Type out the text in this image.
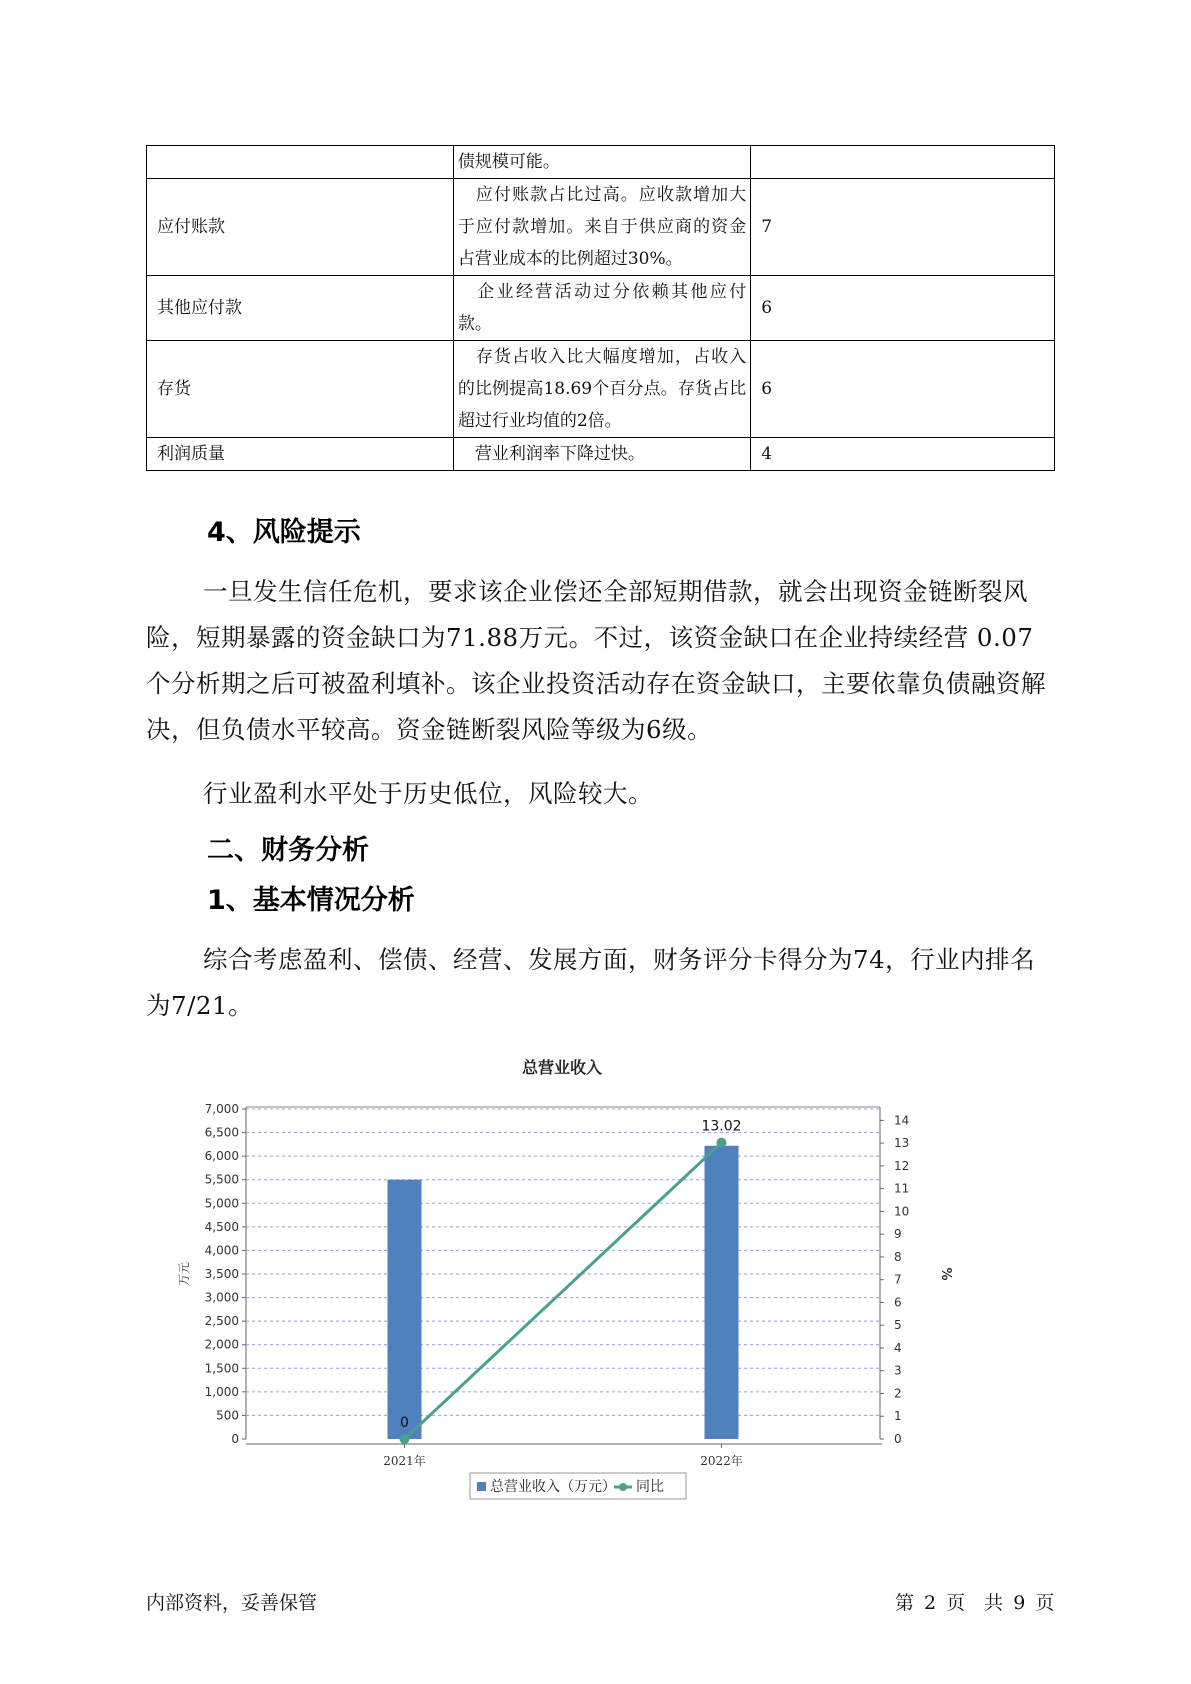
	债规模可能。	
应付账款	　应付账款占比过高。应收款增加大于应付款增加。来自于供应商的资金占营业成本的比例超过30%。	7
其他应付款	　企业经营活动过分依赖其他应付款。	6
存货	　存货占收入比大幅度增加，占收入的比例提高18.69个百分点。存货占比超过行业均值的2倍。	6
利润质量	　营业利润率下降过快。	4
4、风险提示

一旦发生信任危机，要求该企业偿还全部短期借款，就会出现资金链断裂风险，短期暴露的资金缺口为71.88万元。不过，该资金缺口在企业持续经营 0.07个分析期之后可被盈利填补。该企业投资活动存在资金缺口，主要依靠负债融资解决，但负债水平较高。资金链断裂风险等级为6级。

行业盈利水平处于历史低位，风险较大。

二、财务分析
1、基本情况分析

综合考虑盈利、偿债、经营、发展方面，财务评分卡得分为74，行业内排名为7/21。

总营业收入
0
500
1,000
1,500
2,000
2,500
3,000
3,500
4,000
4,500
5,000
5,500
6,000
6,500
7,000
0
1
2
3
4
5
6
7
8
9
10
11
12
13
14
万元	%
2021年	2022年
0
13.02
总营业收入（万元） 同比
内部资料，妥善保管	第 2 页　共 9 页
